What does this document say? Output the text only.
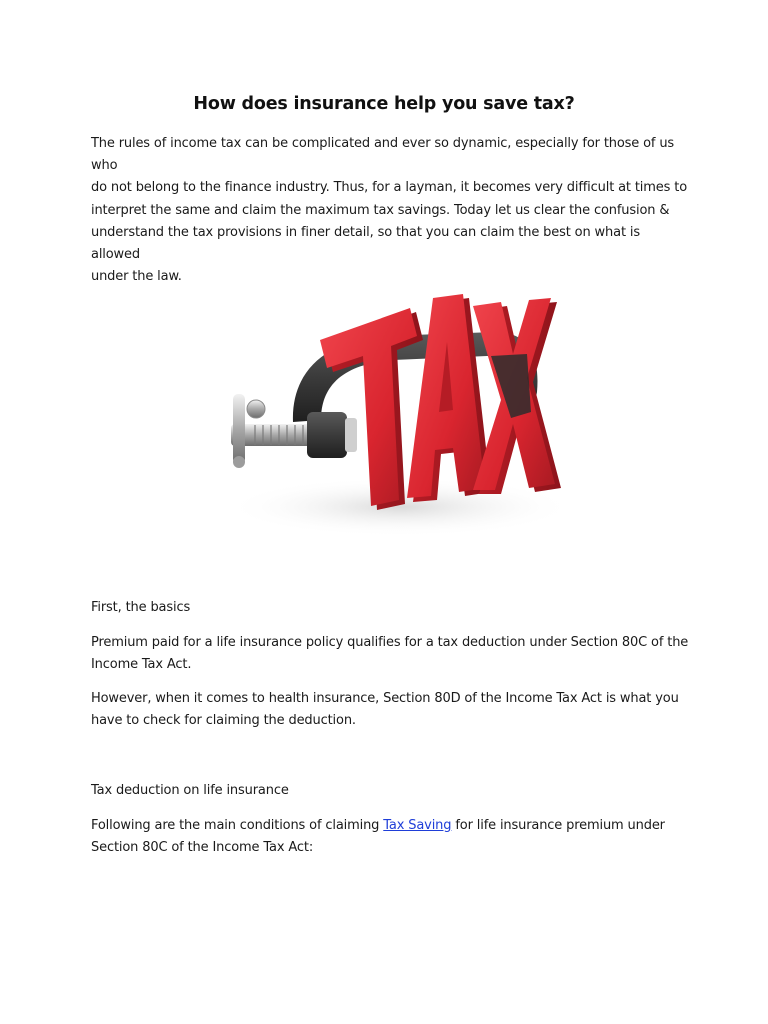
How does insurance help you save tax?

The rules of income tax can be complicated and ever so dynamic, especially for those of us who
do not belong to the finance industry. Thus, for a layman, it becomes very difficult at times to
interpret the same and claim the maximum tax savings. Today let us clear the confusion &
understand the tax provisions in finer detail, so that you can claim the best on what is allowed
under the law.

First, the basics

Premium paid for a life insurance policy qualifies for a tax deduction under Section 80C of the
Income Tax Act.

However, when it comes to health insurance, Section 80D of the Income Tax Act is what you
have to check for claiming the deduction.

Tax deduction on life insurance

Following are the main conditions of claiming Tax Saving for life insurance premium under
Section 80C of the Income Tax Act:
